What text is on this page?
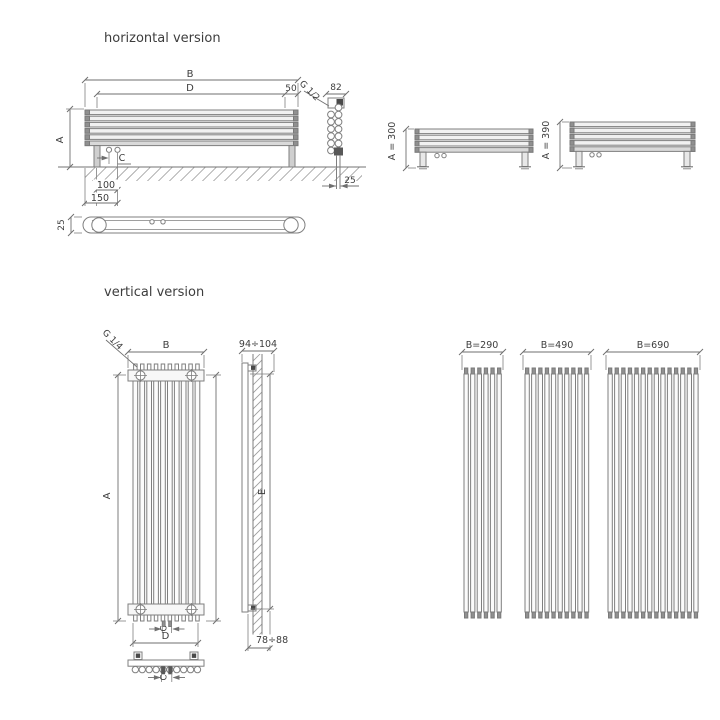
horizontal version
B
D	50
A
C
100
150
G 1/2 82
25
25
A = 300	A = 390
vertical version
G 1/4	B	94÷104
A
E
C
D
C
78÷88
B=290	B=490	B=690
